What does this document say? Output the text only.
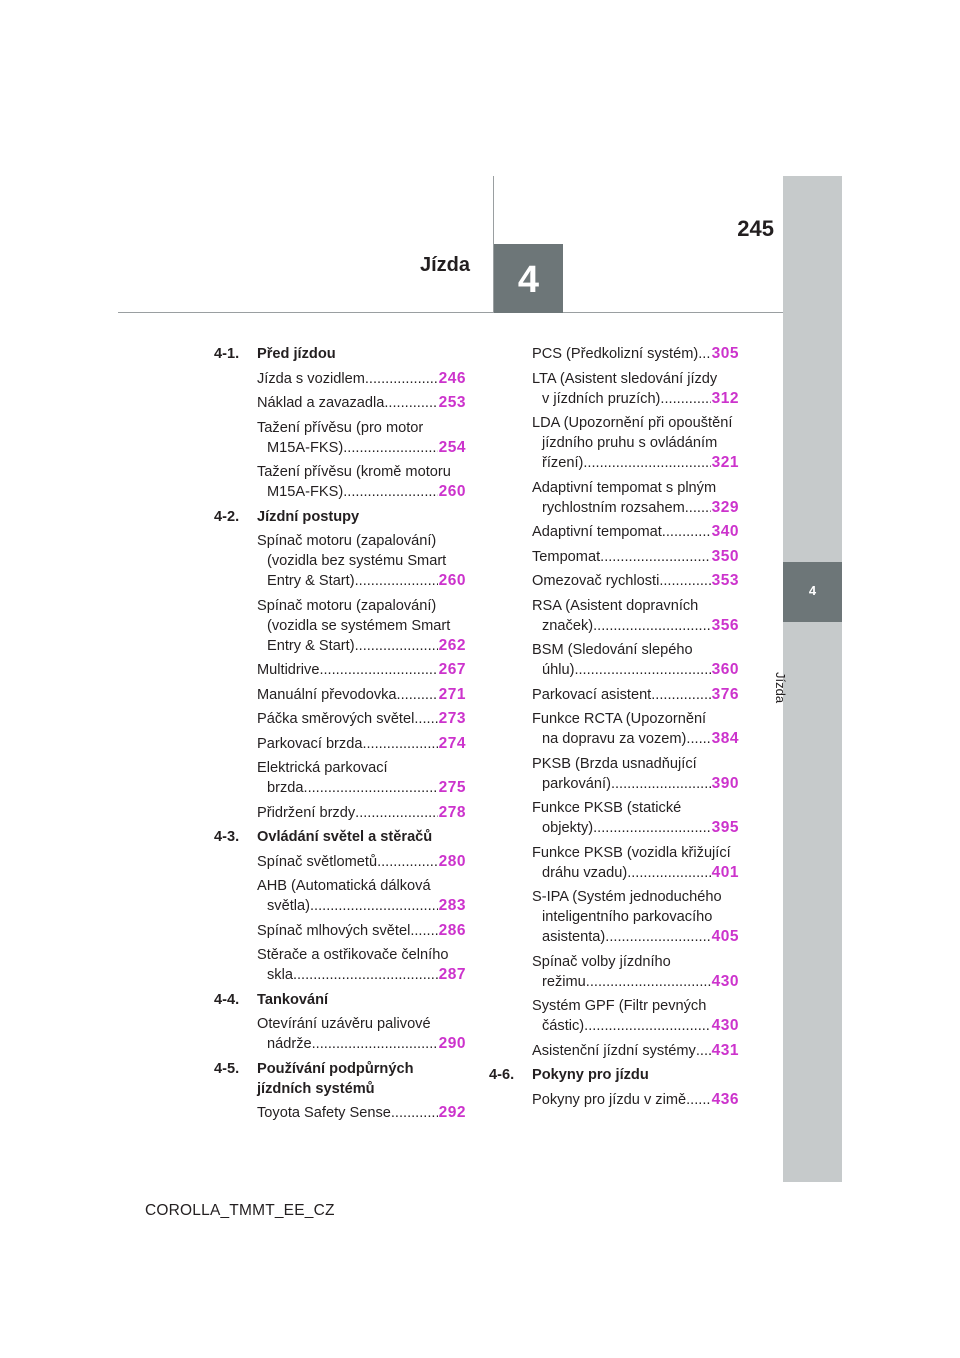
4
Jízda
4
245
Jízda
4-1. Před jízdou
Jízda s vozidlem .....	246
Náklad a zavazadla .....	253
Tažení přívěsu (pro motor
M15A-FKS) .....	254
Tažení přívěsu (kromě motoru
M15A-FKS) .....	260
4-2. Jízdní postupy
Spínač motoru (zapalování)
(vozidla bez systému Smart
Entry & Start) .....	260
Spínač motoru (zapalování)
(vozidla se systémem Smart
Entry & Start) .....	262
Multidrive .....	267
Manuální převodovka .....	271
Páčka směrových světel ..... 273
Parkovací brzda .....	274
Elektrická parkovací
brzda .....	275
Přidržení brzdy .....	278
4-3. Ovládání světel a stěračů
Spínač světlometů .....	280
AHB (Automatická dálková
světla) .....	283
Spínač mlhových světel ..... 286
Stěrače a ostřikovače čelního
skla .....	287
4-4. Tankování
Otevírání uzávěru palivové
nádrže .....	290
4-5. Používání podpůrných jízdních systémů
Toyota Safety Sense .....	292
PCS (Předkolizní systém) ..... 305
LTA (Asistent sledování jízdy
v jízdních pruzích) .....	312
LDA (Upozornění při opouštění
jízdního pruhu s ovládáním
řízení) .....	321
Adaptivní tempomat s plným
rychlostním rozsahem ..... 329
Adaptivní tempomat .....	340
Tempomat .....	350
Omezovač rychlosti .....	353
RSA (Asistent dopravních
značek) .....	356
BSM (Sledování slepého
úhlu) .....	360
Parkovací asistent .....	376
Funkce RCTA (Upozornění
na dopravu za vozem) ..... 384
PKSB (Brzda usnadňující
parkování) .....	390
Funkce PKSB (statické
objekty) .....	395
Funkce PKSB (vozidla křižující
dráhu vzadu) .....	401
S-IPA (Systém jednoduchého
inteligentního parkovacího
asistenta) .....	405
Spínač volby jízdního
režimu .....	430
Systém GPF (Filtr pevných
částic) .....	430
Asistenční jízdní systémy ..... 431
4-6. Pokyny pro jízdu
Pokyny pro jízdu v zimě ..... 436
COROLLA_TMMT_EE_CZ
